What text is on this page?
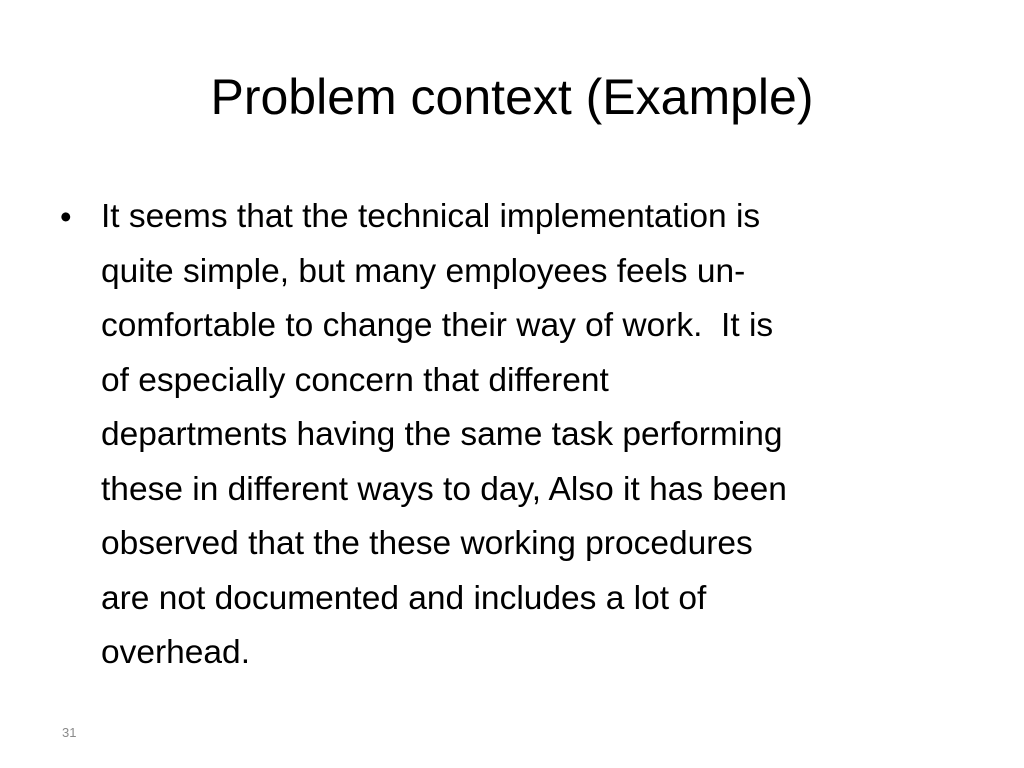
Problem context (Example)
• It seems that the technical implementation is
quite simple, but many employees feels un-
comfortable to change their way of work.  It is
of especially concern that different
departments having the same task performing
these in different ways to day, Also it has been
observed that the these working procedures
are not documented and includes a lot of
overhead.
31
